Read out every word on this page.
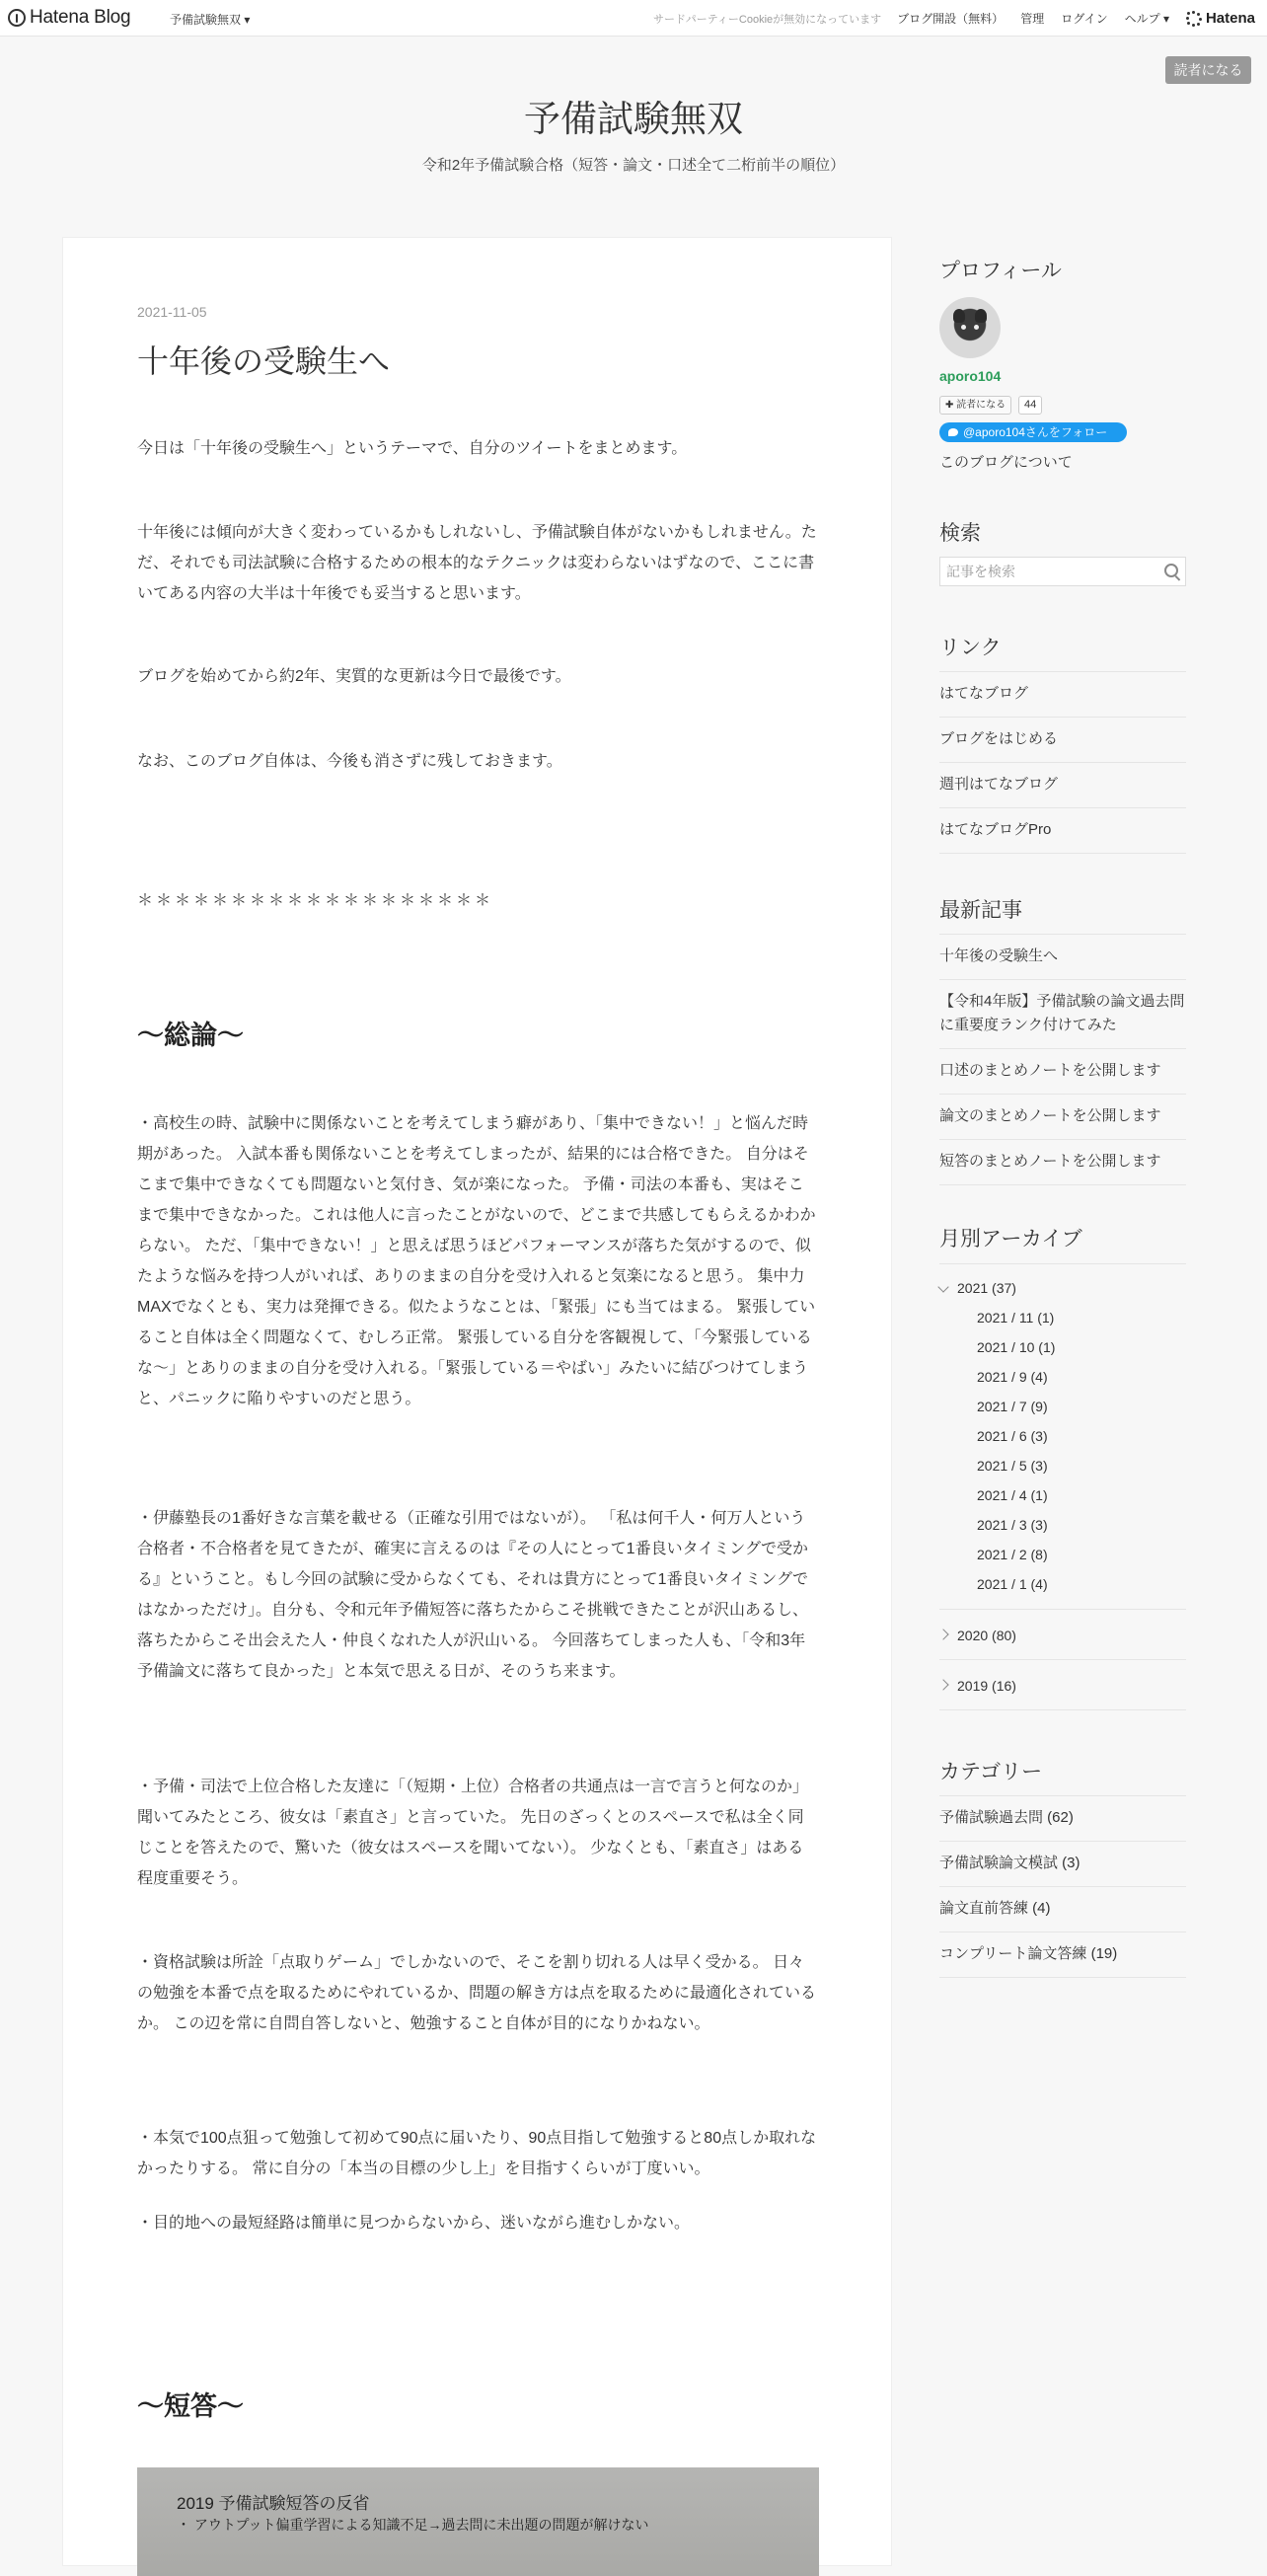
Hatena Blog	予備試験無双 ▾	サードパーティーCookieが無効になっています ブログ開設（無料） 管理 ログイン ヘルプ ▾ Hatena
読者になる
予備試験無双
令和2年予備試験合格（短答・論文・口述全て二桁前半の順位）
2021-11-05
十年後の受験生へ

今日は「十年後の受験生へ」というテーマで、自分のツイートをまとめます。

十年後には傾向が大きく変わっているかもしれないし、予備試験自体がないかもしれません。ただ、それでも司法試験に合格するための根本的なテクニックは変わらないはずなので、ここに書いてある内容の大半は十年後でも妥当すると思います。

ブログを始めてから約2年、実質的な更新は今日で最後です。

なお、このブログ自体は、今後も消さずに残しておきます。

＊＊＊＊＊＊＊＊＊＊＊＊＊＊＊＊＊＊＊
〜総論〜

・高校生の時、試験中に関係ないことを考えてしまう癖があり、「集中できない！」と悩んだ時期があった。 入試本番も関係ないことを考えてしまったが、結果的には合格できた。 自分はそこまで集中できなくても問題ないと気付き、気が楽になった。 予備・司法の本番も、実はそこまで集中できなかった。これは他人に言ったことがないので、どこまで共感してもらえるかわからない。 ただ、「集中できない！」と思えば思うほどパフォーマンスが落ちた気がするので、似たような悩みを持つ人がいれば、ありのままの自分を受け入れると気楽になると思う。 集中力MAXでなくとも、実力は発揮できる。似たようなことは、「緊張」にも当てはまる。 緊張していること自体は全く問題なくて、むしろ正常。 緊張している自分を客観視して、「今緊張しているな〜」とありのままの自分を受け入れる。「緊張している＝やばい」みたいに結びつけてしまうと、パニックに陥りやすいのだと思う。

・伊藤塾長の1番好きな言葉を載せる（正確な引用ではないが）。 「私は何千人・何万人という合格者・不合格者を見てきたが、確実に言えるのは『その人にとって1番良いタイミングで受かる』ということ。もし今回の試験に受からなくても、それは貴方にとって1番良いタイミングではなかっただけ」。自分も、令和元年予備短答に落ちたからこそ挑戦できたことが沢山あるし、落ちたからこそ出会えた人・仲良くなれた人が沢山いる。 今回落ちてしまった人も、「令和3年予備論文に落ちて良かった」と本気で思える日が、そのうち来ます。

・予備・司法で上位合格した友達に「（短期・上位）合格者の共通点は一言で言うと何なのか」聞いてみたところ、彼女は「素直さ」と言っていた。 先日のざっくとのスペースで私は全く同じことを答えたので、驚いた（彼女はスペースを聞いてない）。 少なくとも、「素直さ」はある程度重要そう。

・資格試験は所詮「点取りゲーム」でしかないので、そこを割り切れる人は早く受かる。 日々の勉強を本番で点を取るためにやれているか、問題の解き方は点を取るために最適化されているか。 この辺を常に自問自答しないと、勉強すること自体が目的になりかねない。

・本気で100点狙って勉強して初めて90点に届いたり、90点目指して勉強すると80点しか取れなかったりする。 常に自分の「本当の目標の少し上」を目指すくらいが丁度いい。

・目的地への最短経路は簡単に見つからないから、迷いながら進むしかない。

〜短答〜
2019 予備試験短答の反省
・ アウトプット偏重学習による知識不足→過去問に未出題の問題が解けない
プロフィール
aporo104
✚ 読者になる	44
@aporo104さんをフォロー
このブログについて
検索
記事を検索
リンク
はてなブログ
ブログをはじめる
週刊はてなブログ
はてなブログPro
最新記事
十年後の受験生へ
【令和4年版】予備試験の論文過去問に重要度ランク付けてみた
口述のまとめノートを公開します
論文のまとめノートを公開します
短答のまとめノートを公開します
月別アーカイブ
2021 (37)
2021 / 11 (1)
2021 / 10 (1)
2021 / 9 (4)
2021 / 7 (9)
2021 / 6 (3)
2021 / 5 (3)
2021 / 4 (1)
2021 / 3 (3)
2021 / 2 (8)
2021 / 1 (4)
2020 (80)
2019 (16)
カテゴリー
予備試験過去問 (62)
予備試験論文模試 (3)
論文直前答練 (4)
コンプリート論文答練 (19)
